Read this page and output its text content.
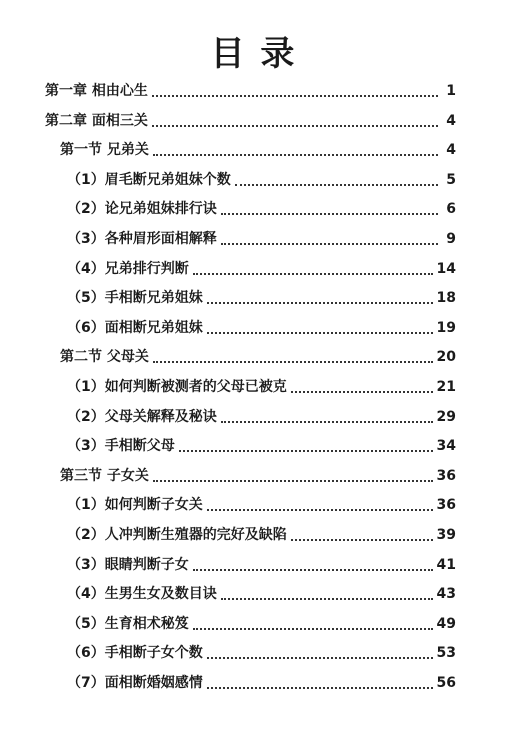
目 录
第一章 相由心生	1
第二章 面相三关	4
第一节 兄弟关	4
（1）眉毛断兄弟姐妹个数	5
（2）论兄弟姐妹排行诀	6
（3）各种眉形面相解释	9
（4）兄弟排行判断	14
（5）手相断兄弟姐妹	18
（6）面相断兄弟姐妹	19
第二节 父母关	20
（1）如何判断被测者的父母已被克	21
（2）父母关解释及秘诀	29
（3）手相断父母	34
第三节 子女关	36
（1）如何判断子女关	36
（2）人冲判断生殖器的完好及缺陷	39
（3）眼睛判断子女	41
（4）生男生女及数目诀	43
（5）生育相术秘笈	49
（6）手相断子女个数	53
（7）面相断婚姻感情	56
